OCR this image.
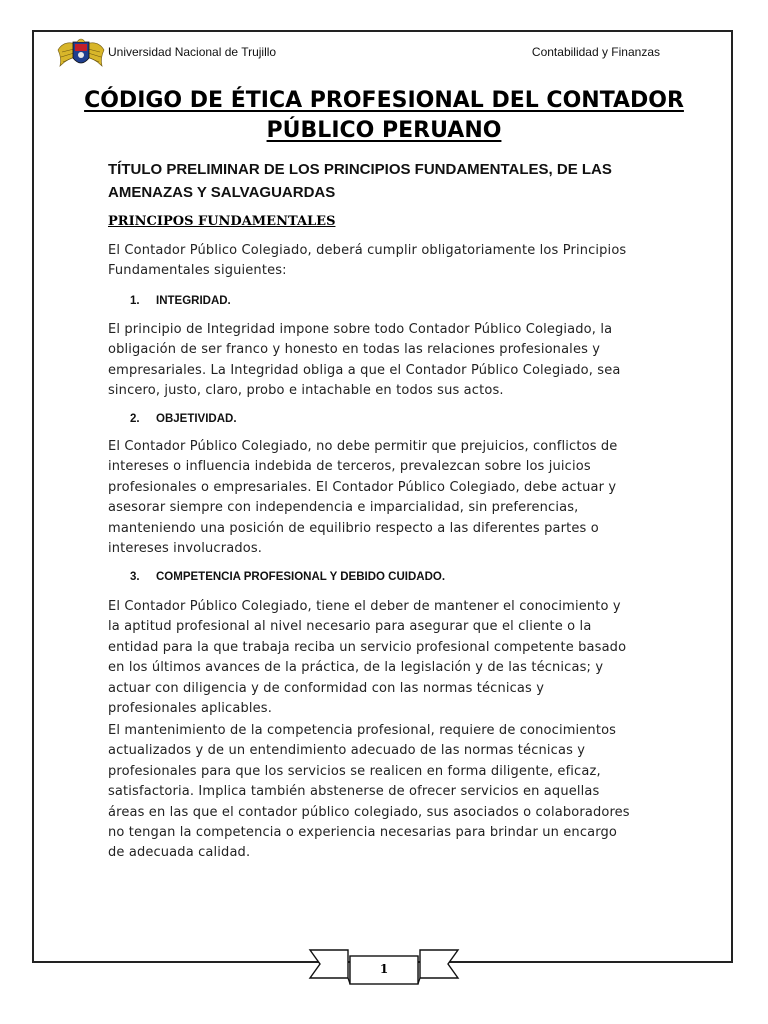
Universidad Nacional de Trujillo	Contabilidad y Finanzas
CÓDIGO DE ÉTICA PROFESIONAL DEL CONTADOR
PÚBLICO PERUANO
TÍTULO PRELIMINAR DE LOS PRINCIPIOS FUNDAMENTALES, DE LAS
AMENAZAS Y SALVAGUARDAS
PRINCIPOS FUNDAMENTALES
El Contador Público Colegiado, deberá cumplir obligatoriamente los Principios
Fundamentales siguientes:
1. INTEGRIDAD.
El principio de Integridad impone sobre todo Contador Público Colegiado, la
obligación de ser franco y honesto en todas las relaciones profesionales y
empresariales. La Integridad obliga a que el Contador Público Colegiado, sea
sincero, justo, claro, probo e intachable en todos sus actos.
2. OBJETIVIDAD.
El Contador Público Colegiado, no debe permitir que prejuicios, conflictos de
intereses o influencia indebida de terceros, prevalezcan sobre los juicios
profesionales o empresariales. El Contador Público Colegiado, debe actuar y
asesorar siempre con independencia e imparcialidad, sin preferencias,
manteniendo una posición de equilibrio respecto a las diferentes partes o
intereses involucrados.
3. COMPETENCIA PROFESIONAL Y DEBIDO CUIDADO.
El Contador Público Colegiado, tiene el deber de mantener el conocimiento y
la aptitud profesional al nivel necesario para asegurar que el cliente o la
entidad para la que trabaja reciba un servicio profesional competente basado
en los últimos avances de la práctica, de la legislación y de las técnicas; y
actuar con diligencia y de conformidad con las normas técnicas y
profesionales aplicables.
El mantenimiento de la competencia profesional, requiere de conocimientos
actualizados y de un entendimiento adecuado de las normas técnicas y
profesionales para que los servicios se realicen en forma diligente, eficaz,
satisfactoria. Implica también abstenerse de ofrecer servicios en aquellas
áreas en las que el contador público colegiado, sus asociados o colaboradores
no tengan la competencia o experiencia necesarias para brindar un encargo
de adecuada calidad.
1
